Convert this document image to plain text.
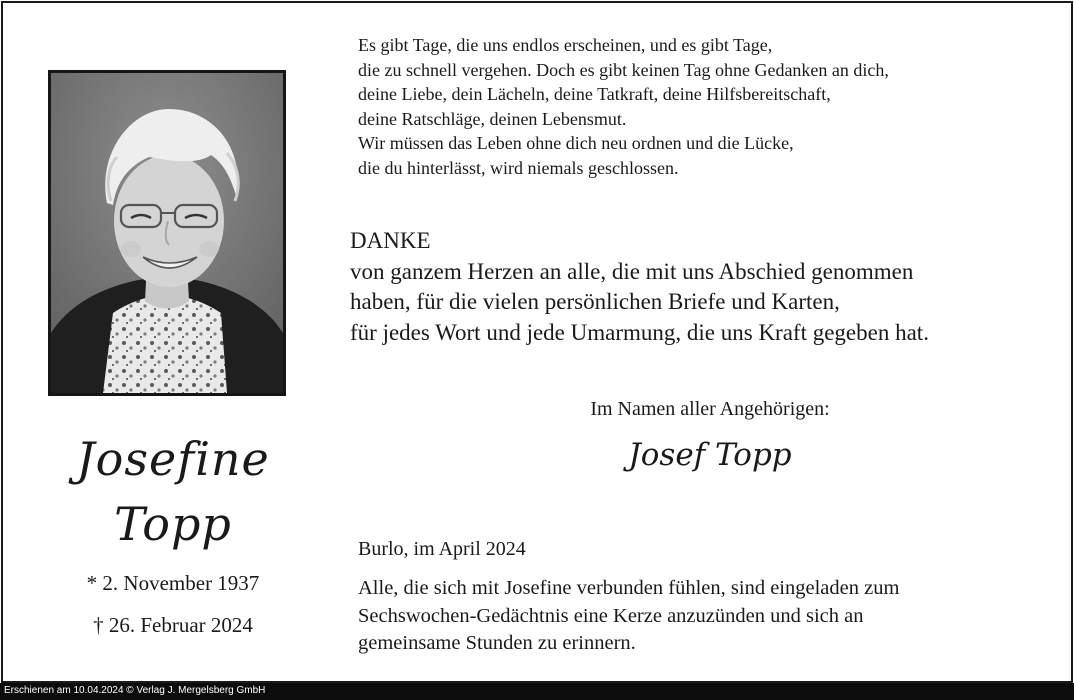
Josefine
Topp
* 2. November 1937
† 26. Februar 2024
Es gibt Tage, die uns endlos erscheinen, und es gibt Tage,
die zu schnell vergehen. Doch es gibt keinen Tag ohne Gedanken an dich,
deine Liebe, dein Lächeln, deine Tatkraft, deine Hilfsbereitschaft,
deine Ratschläge, deinen Lebensmut.
Wir müssen das Leben ohne dich neu ordnen und die Lücke,
die du hinterlässt, wird niemals geschlossen.
DANKE
von ganzem Herzen an alle, die mit uns Abschied genommen
haben, für die vielen persönlichen Briefe und Karten,
für jedes Wort und jede Umarmung, die uns Kraft gegeben hat.
Im Namen aller Angehörigen:
Josef Topp
Burlo, im April 2024
Alle, die sich mit Josefine verbunden fühlen, sind eingeladen zum
Sechswochen-Gedächtnis eine Kerze anzuzünden und sich an
gemeinsame Stunden zu erinnern.
Erschienen am 10.04.2024 © Verlag J. Mergelsberg GmbH
